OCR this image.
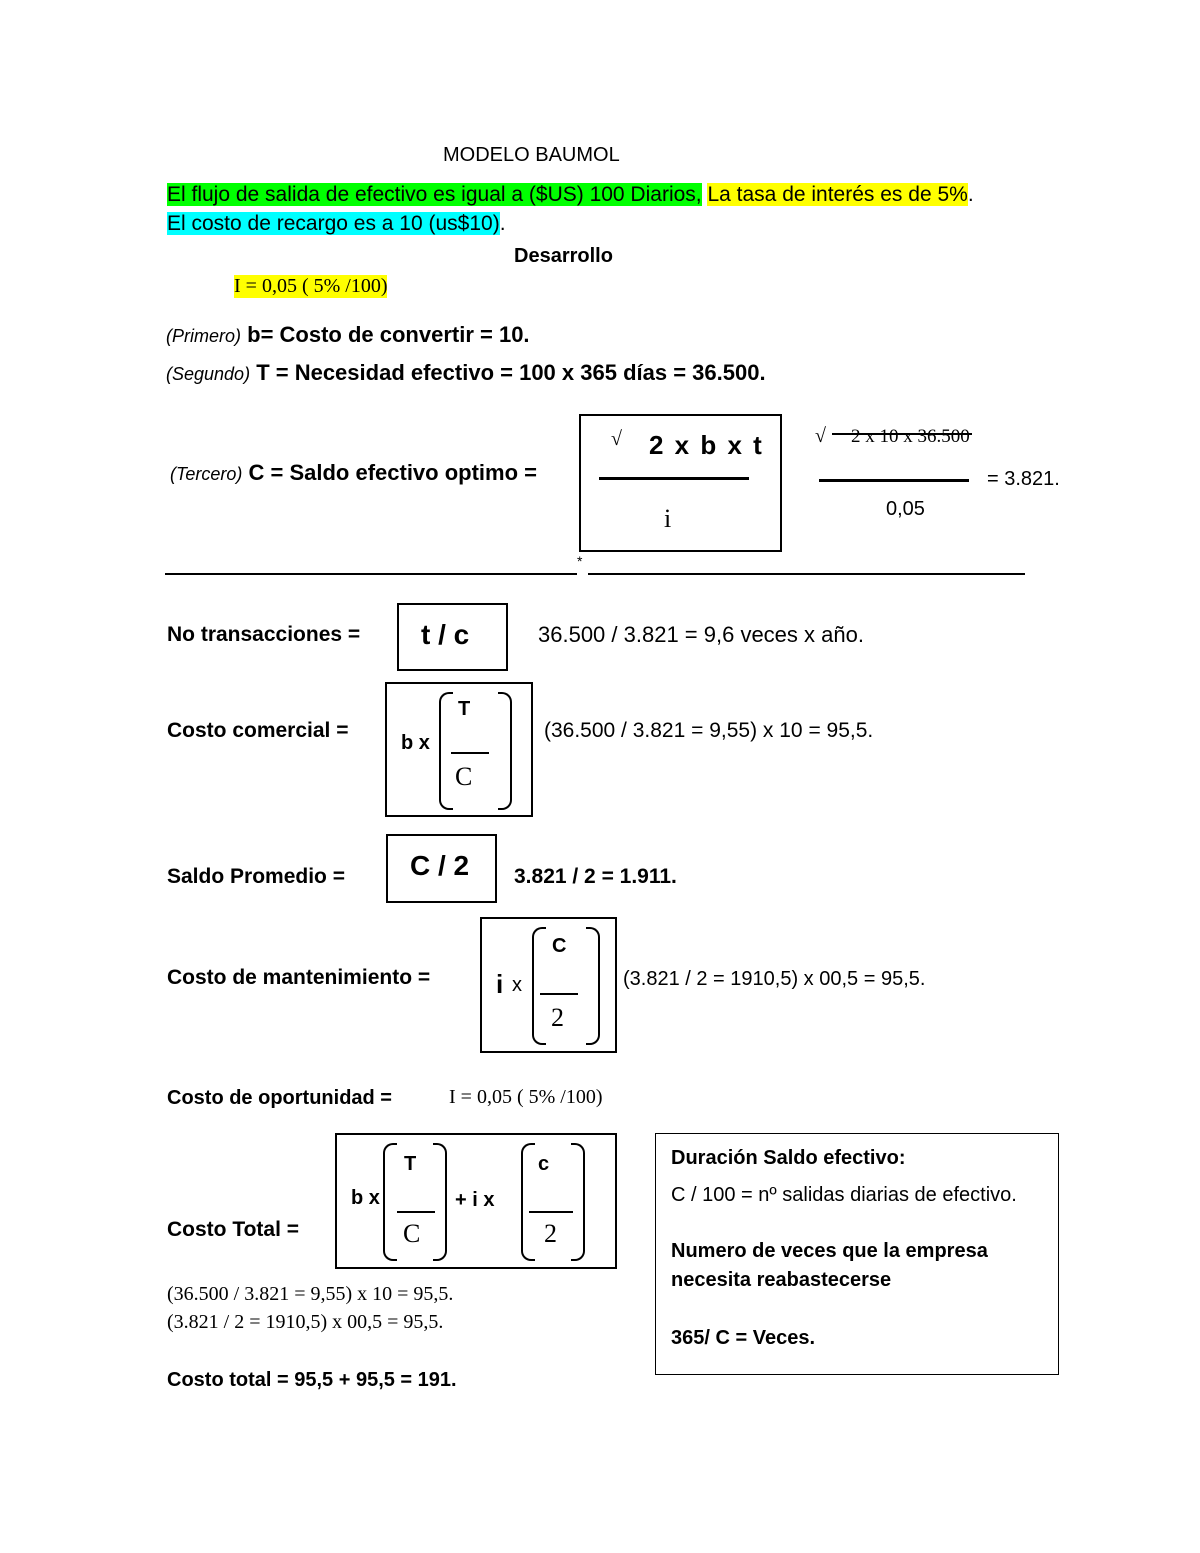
MODELO BAUMOL
El flujo de salida de efectivo es igual a ($US) 100 Diarios, La tasa de interés es de 5%.
El costo de recargo es a 10 (us$10).
Desarrollo
I = 0,05 ( 5% /100)
(Primero) b= Costo de convertir = 10.
(Segundo) T = Necesidad efectivo = 100 x 365 días = 36.500.
(Tercero) C = Saldo efectivo optimo =
√ 2 x b x t
i
√ 2 x 10 x 36.500
0,05
= 3.821.
*
No transacciones = t / c	36.500 / 3.821 = 9,6 veces x año.
Costo comercial =
b x
T
C
(36.500 / 3.821 = 9,55) x 10 = 95,5.
Saldo Promedio = C / 2 3.821 / 2 = 1.911.
Costo de mantenimiento =	i x
C
2
(3.821 / 2 = 1910,5) x 00,5 = 95,5.
Costo de oportunidad =	I = 0,05 ( 5% /100)
Costo Total =
b x
T
C
+ i x
c
2
(36.500 / 3.821 = 9,55) x 10 = 95,5.
(3.821 / 2 = 1910,5) x 00,5 = 95,5.
Costo total = 95,5 + 95,5 = 191.
Duración Saldo efectivo:
C / 100 = nº salidas diarias de efectivo.
Numero de veces que la empresa
necesita reabastecerse
365/ C = Veces.
